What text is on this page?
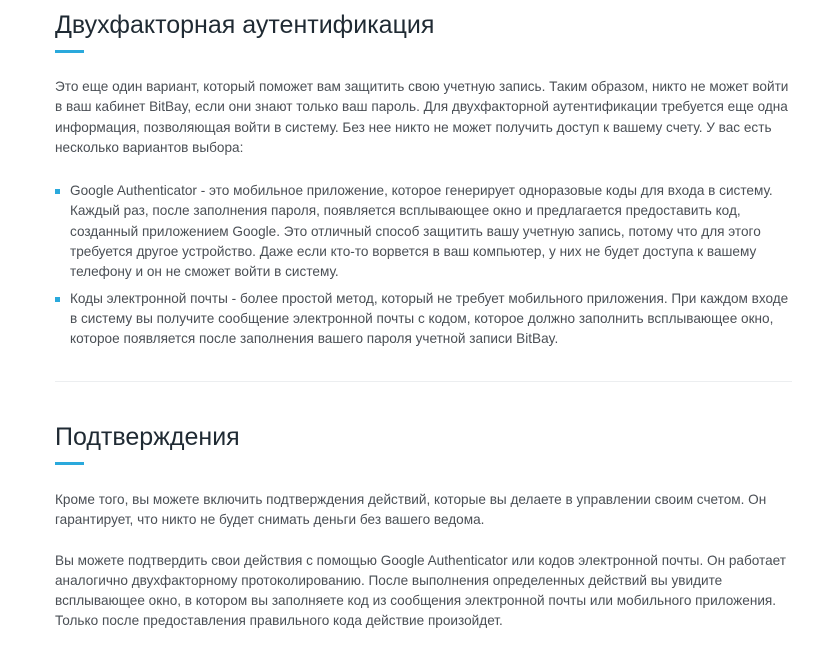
Двухфакторная аутентификация

Это еще один вариант, который поможет вам защитить свою учетную запись. Таким образом, никто не может войти в ваш кабинет BitBay, если они знают только ваш пароль. Для двухфакторной аутентификации требуется еще одна информация, позволяющая войти в систему. Без нее никто не может получить доступ к вашему счету. У вас есть несколько вариантов выбора:

Google Authenticator - это мобильное приложение, которое генерирует одноразовые коды для входа в систему. Каждый раз, после заполнения пароля, появляется всплывающее окно и предлагается предоставить код, созданный приложением Google. Это отличный способ защитить вашу учетную запись, потому что для этого требуется другое устройство. Даже если кто-то ворвется в ваш компьютер, у них не будет доступа к вашему телефону и он не сможет войти в систему.
Коды электронной почты - более простой метод, который не требует мобильного приложения. При каждом входе в систему вы получите сообщение электронной почты с кодом, которое должно заполнить всплывающее окно, которое появляется после заполнения вашего пароля учетной записи BitBay.
Подтверждения

Кроме того, вы можете включить подтверждения действий, которые вы делаете в управлении своим счетом. Он гарантирует, что никто не будет снимать деньги без вашего ведома.

Вы можете подтвердить свои действия с помощью Google Authenticator или кодов электронной почты. Он работает аналогично двухфакторному протоколированию. После выполнения определенных действий вы увидите всплывающее окно, в котором вы заполняете код из сообщения электронной почты или мобильного приложения. Только после предоставления правильного кода действие произойдет.
